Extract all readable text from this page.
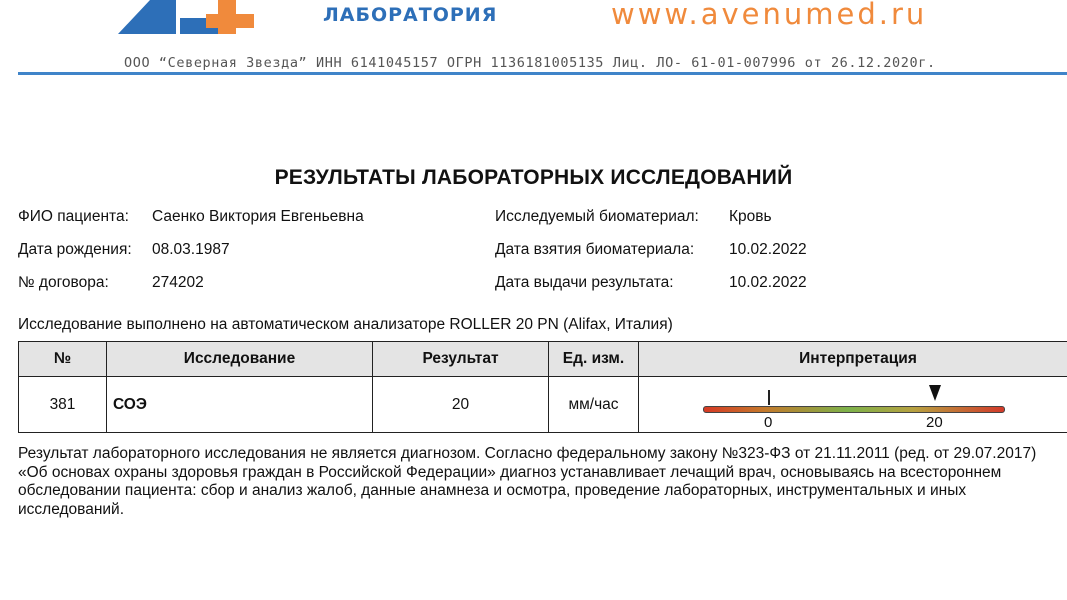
ЛАБОРАТОРИЯ	www.avenumed.ru
ООО “Северная Звезда” ИНН 6141045157 ОГРН 1136181005135 Лиц. ЛО- 61-01-007996 от 26.12.2020г.
РЕЗУЛЬТАТЫ ЛАБОРАТОРНЫХ ИССЛЕДОВАНИЙ
ФИО пациента: Саенко Виктория Евгеньевна
Дата рождения: 08.03.1987
№ договора:	274202
Исследуемый биоматериал: Кровь
Дата взятия биоматериала: 10.02.2022
Дата выдачи результата:	10.02.2022
Исследование выполнено на автоматическом анализаторе ROLLER 20 PN (Alifax, Италия)
№	Исследование	Результат	Ед. изм.	Интерпретация
381	СОЭ	20	мм/час	0 20
Результат лабораторного исследования не является диагнозом. Согласно федеральному закону №323-ФЗ от 21.11.2011 (ред. от 29.07.2017) «Об основах охраны здоровья граждан в Российской Федерации» диагноз устанавливает лечащий врач, основываясь на всестороннем обследовании пациента: сбор и анализ жалоб, данные анамнеза и осмотра, проведение лабораторных, инструментальных и иных исследований.
